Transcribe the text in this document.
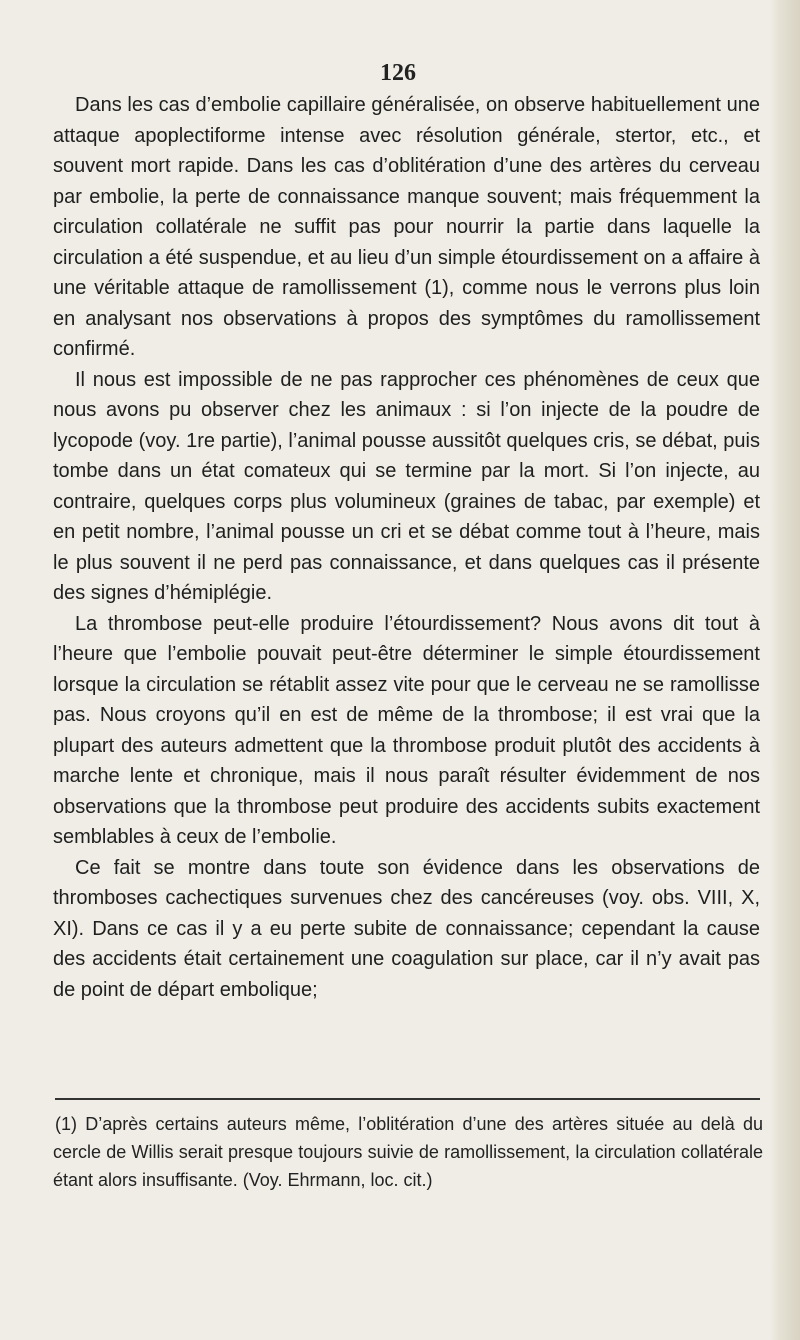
126

Dans les cas d’embolie capillaire généralisée, on observe habituellement une attaque apoplectiforme intense avec résolution générale, stertor, etc., et souvent mort rapide. Dans les cas d’oblitération d’une des artères du cerveau par embolie, la perte de connaissance manque souvent; mais fréquemment la circulation collatérale ne suffit pas pour nourrir la partie dans laquelle la circulation a été suspendue, et au lieu d’un simple étourdissement on a affaire à une véritable attaque de ramollissement (1), comme nous le verrons plus loin en analysant nos observations à propos des symptômes du ramollissement confirmé.

Il nous est impossible de ne pas rapprocher ces phénomènes de ceux que nous avons pu observer chez les animaux : si l’on injecte de la poudre de lycopode (voy. 1re partie), l’animal pousse aussitôt quelques cris, se débat, puis tombe dans un état comateux qui se termine par la mort. Si l’on injecte, au contraire, quelques corps plus volumineux (graines de tabac, par exemple) et en petit nombre, l’animal pousse un cri et se débat comme tout à l’heure, mais le plus souvent il ne perd pas connaissance, et dans quelques cas il présente des signes d’hémiplégie.

La thrombose peut-elle produire l’étourdissement? Nous avons dit tout à l’heure que l’embolie pouvait peut-être déterminer le simple étourdissement lorsque la circulation se rétablit assez vite pour que le cerveau ne se ramollisse pas. Nous croyons qu’il en est de même de la thrombose; il est vrai que la plupart des auteurs admettent que la thrombose produit plutôt des accidents à marche lente et chronique, mais il nous paraît résulter évidemment de nos observations que la thrombose peut produire des accidents subits exactement semblables à ceux de l’embolie.

Ce fait se montre dans toute son évidence dans les observations de thromboses cachectiques survenues chez des cancéreuses (voy. obs. VIII, X, XI). Dans ce cas il y a eu perte subite de connaissance; cependant la cause des accidents était certainement une coagulation sur place, car il n’y avait pas de point de départ embolique;

(1) D’après certains auteurs même, l’oblitération d’une des artères située au delà du cercle de Willis serait presque toujours suivie de ramollissement, la circulation collatérale étant alors insuffisante. (Voy. Ehrmann, loc. cit.)
